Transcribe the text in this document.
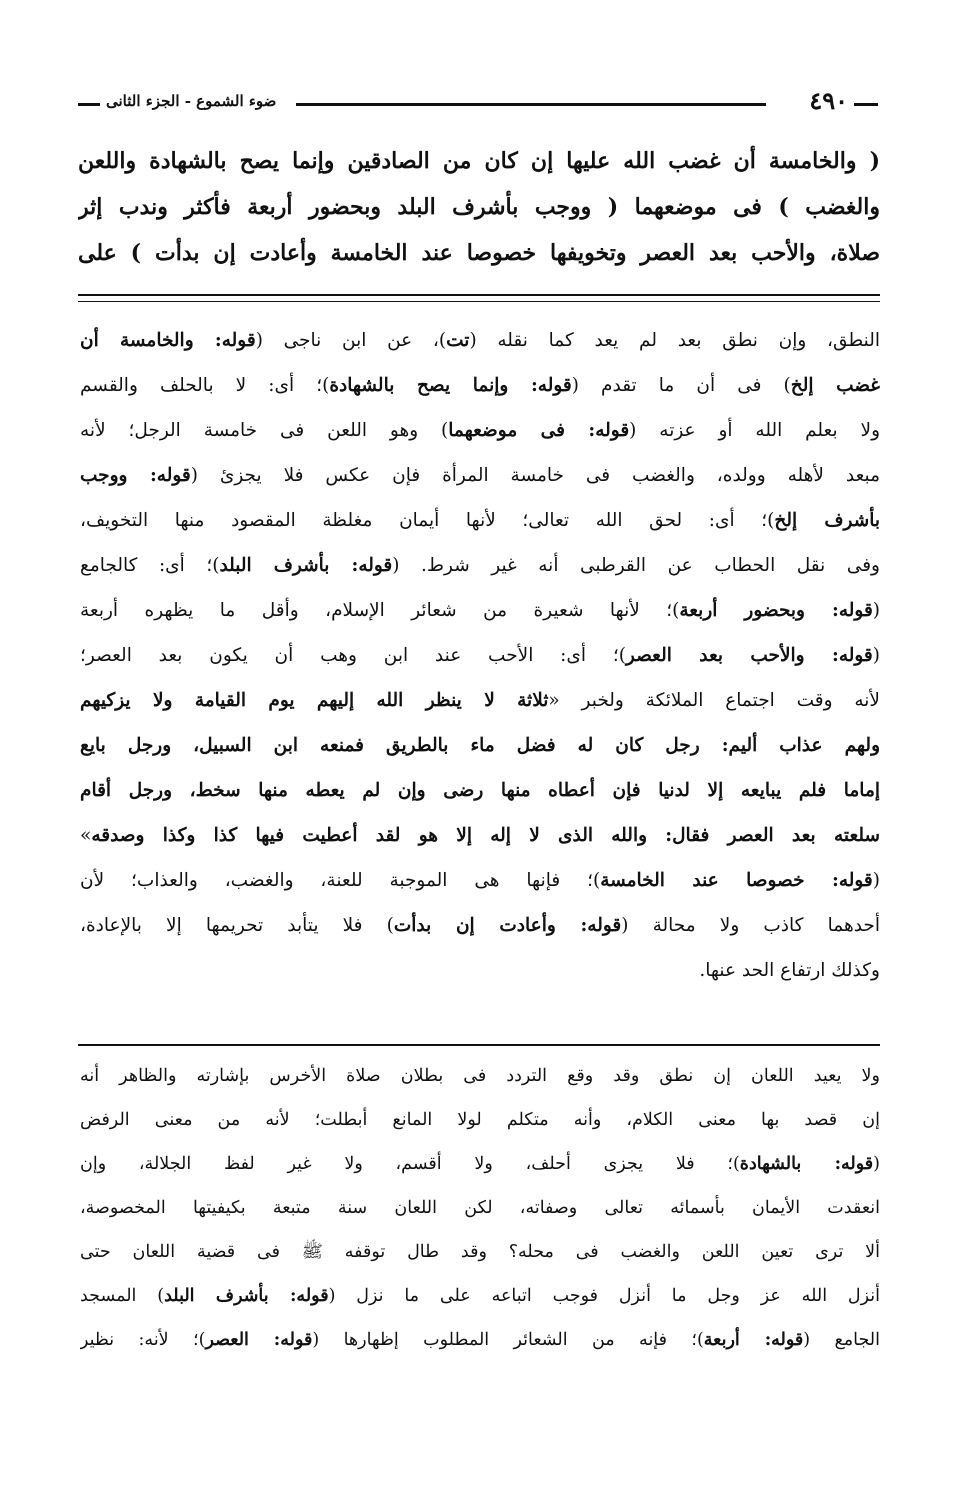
٤٩٠
ضوء الشموع - الجزء الثانى
( والخامسة أن غضب الله عليها إن كان من الصادقين وإنما يصح بالشهادة واللعن
والغضب ) فى موضعهما ( ووجب بأشرف البلد وبحضور أربعة فأكثر وندب إثر
صلاة، والأحب بعد العصر وتخويفها خصوصا عند الخامسة وأعادت إن بدأت ) على
النطق، وإن نطق بعد لم يعد كما نقله (تت)، عن ابن ناجى (قوله: والخامسة أن
غضب إلخ) فى أن ما تقدم (قوله: وإنما يصح بالشهادة)؛ أى: لا بالحلف والقسم
ولا بعلم الله أو عزته (قوله: فى موضعهما) وهو اللعن فى خامسة الرجل؛ لأنه
مبعد لأهله وولده، والغضب فى خامسة المرأة فإن عكس فلا يجزئ (قوله: ووجب
بأشرف إلخ)؛ أى: لحق الله تعالى؛ لأنها أيمان مغلظة المقصود منها التخويف،
وفى نقل الحطاب عن القرطبى أنه غير شرط. (قوله: بأشرف البلد)؛ أى: كالجامع
(قوله: وبحضور أربعة)؛ لأنها شعيرة من شعائر الإسلام، وأقل ما يظهره أربعة
(قوله: والأحب بعد العصر)؛ أى: الأحب عند ابن وهب أن يكون بعد العصر؛
لأنه وقت اجتماع الملائكة ولخبر «ثلاثة لا ينظر الله إليهم يوم القيامة ولا يزكيهم
ولهم عذاب أليم: رجل كان له فضل ماء بالطريق فمنعه ابن السبيل، ورجل بايع
إماما فلم يبايعه إلا لدنيا فإن أعطاه منها رضى وإن لم يعطه منها سخط، ورجل أقام
سلعته بعد العصر فقال: والله الذى لا إله إلا هو لقد أعطيت فيها كذا وكذا وصدقه»
(قوله: خصوصا عند الخامسة)؛ فإنها هى الموجبة للعنة، والغضب، والعذاب؛ لأن
أحدهما كاذب ولا محالة (قوله: وأعادت إن بدأت) فلا يتأبد تحريمها إلا بالإعادة،
وكذلك ارتفاع الحد عنها.
ولا يعيد اللعان إن نطق وقد وقع التردد فى بطلان صلاة الأخرس بإشارته والظاهر أنه
إن قصد بها معنى الكلام، وأنه متكلم لولا المانع أبطلت؛ لأنه من معنى الرفض
(قوله: بالشهادة)؛ فلا يجزى أحلف، ولا أقسم، ولا غير لفظ الجلالة، وإن
انعقدت الأيمان بأسمائه تعالى وصفاته، لكن اللعان سنة متبعة بكيفيتها المخصوصة،
ألا ترى تعين اللعن والغضب فى محله؟ وقد طال توقفه ﷺ فى قضية اللعان حتى
أنزل الله عز وجل ما أنزل فوجب اتباعه على ما نزل (قوله: بأشرف البلد) المسجد
الجامع (قوله: أربعة)؛ فإنه من الشعائر المطلوب إظهارها (قوله: العصر)؛ لأنه: نظير
